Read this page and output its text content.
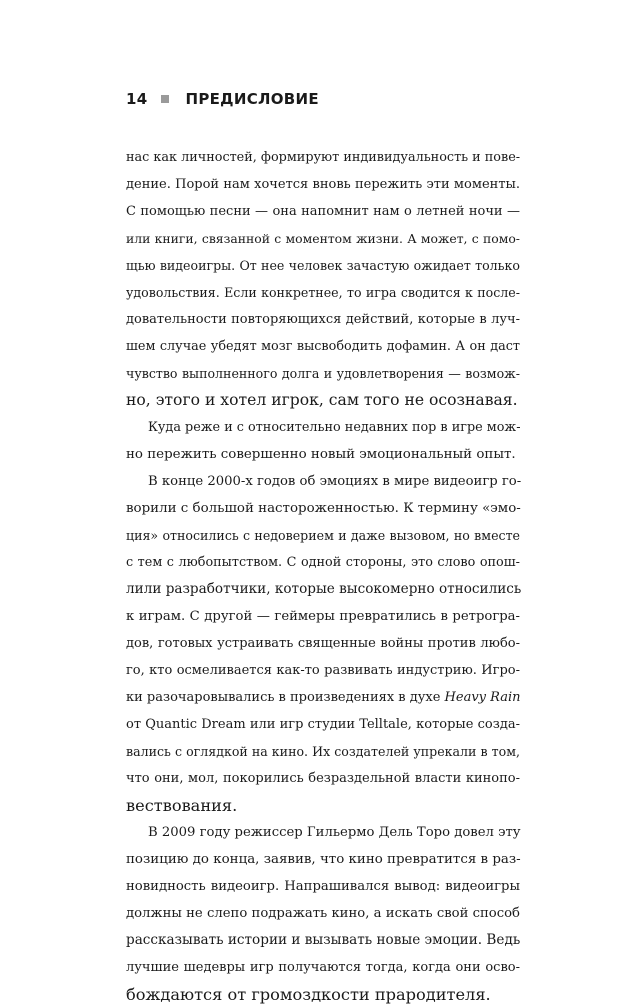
14	ПРЕДИСЛОВИЕ
нас как личностей, формируют индивидуальность и пове-
дение. Порой нам хочется вновь пережить эти моменты.
С помощью песни — она напомнит нам о летней ночи —
или книги, связанной с моментом жизни. А может, с помо-
щью видеоигры. От нее человек зачастую ожидает только
удовольствия. Если конкретнее, то игра сводится к после-
довательности повторяющихся действий, которые в луч-
шем случае убедят мозг высвободить дофамин. А он даст
чувство выполненного долга и удовлетворения — возмож-
но, этого и хотел игрок, сам того не осознавая.
Куда реже и с относительно недавних пор в игре мож-
но пережить совершенно новый эмоциональный опыт.
В конце 2000-х годов об эмоциях в мире видеоигр го-
ворили с большой настороженностью. К термину «эмо-
ция» относились с недоверием и даже вызовом, но вместе
с тем с любопытством. С одной стороны, это слово опош-
лили разработчики, которые высокомерно относились
к играм. С другой — геймеры превратились в ретрогра-
дов, готовых устраивать священные войны против любо-
го, кто осмеливается как-то развивать индустрию. Игро-
ки разочаровывались в произведениях в духе Heavy Rain
от Quantic Dream или игр студии Telltale, которые созда-
вались с оглядкой на кино. Их создателей упрекали в том,
что они, мол, покорились безраздельной власти кинопо-
вествования.
В 2009 году режиссер Гильермо Дель Торо довел эту
позицию до конца, заявив, что кино превратится в раз-
новидность видеоигр. Напрашивался вывод: видеоигры
должны не слепо подражать кино, а искать свой способ
рассказывать истории и вызывать новые эмоции. Ведь
лучшие шедевры игр получаются тогда, когда они осво-
бождаются от громоздкости прародителя.
